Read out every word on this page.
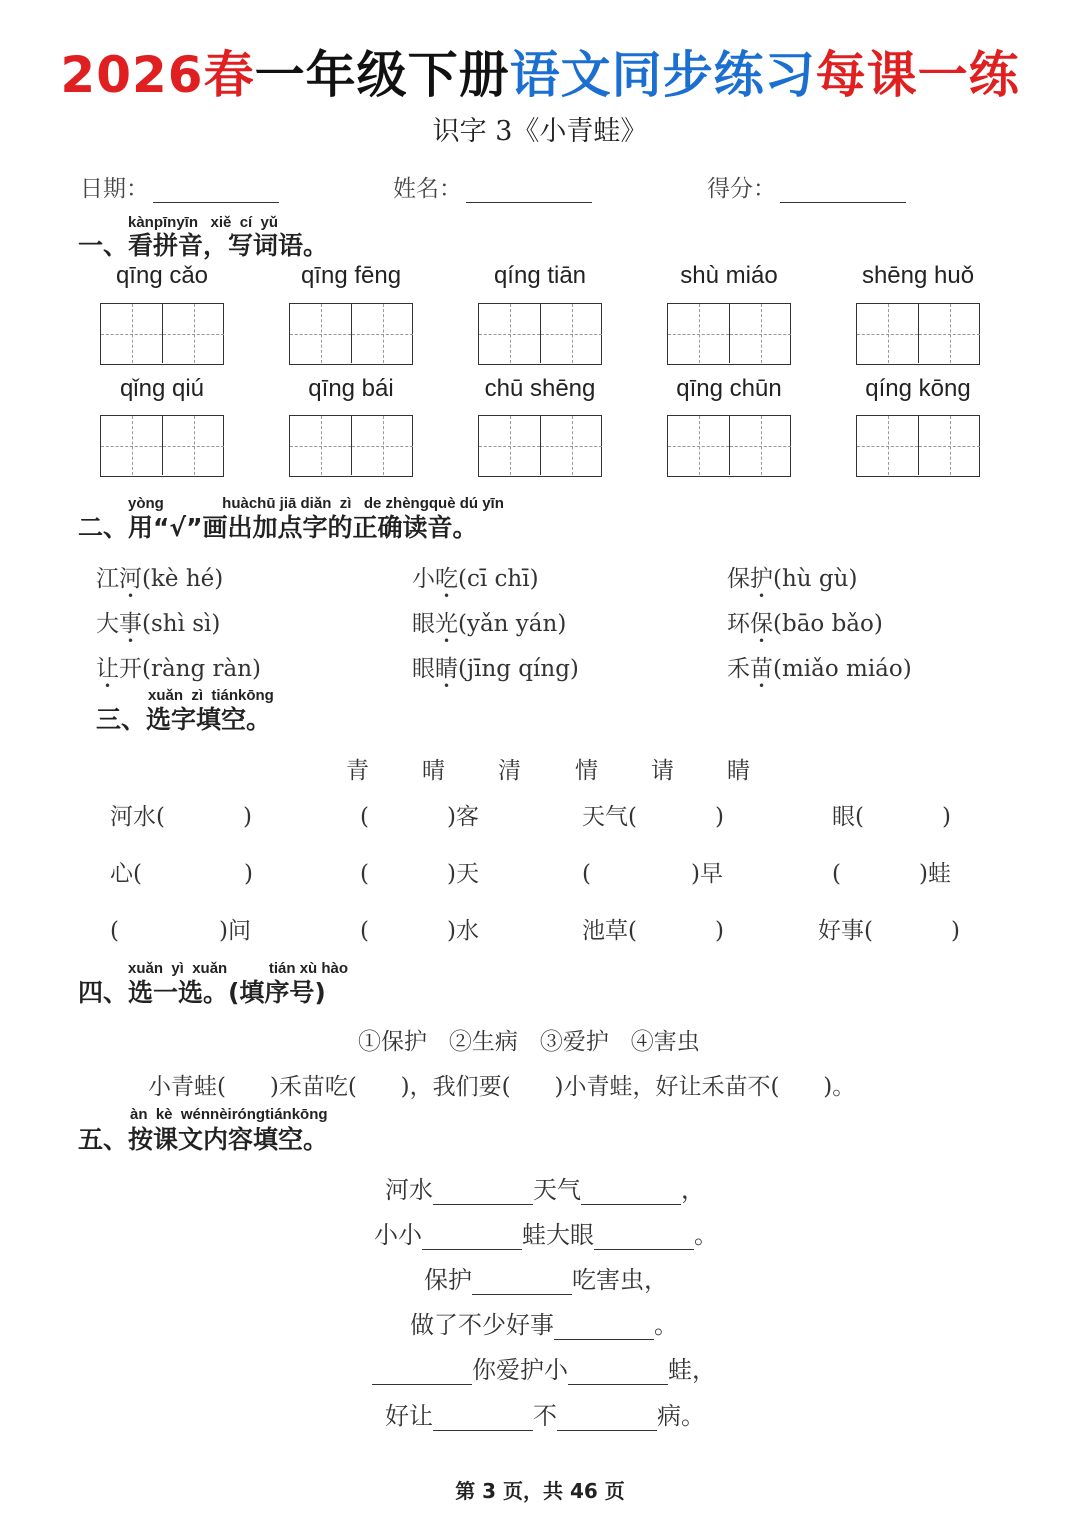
2026春一年级下册语文同步练习每课一练
识字 3《小青蛙》
日期：	姓名：	得分：
kànpīnyīn   xiě  cí  yǔ
一、看拼音，写词语。
qīng cǎo	qīng fēng	qíng tiān	shù miáo	shēng huǒ
qǐng qiú	qīng bái	chū shēng	qīng chūn	qíng kōng
yòng              huàchū jiā diǎn  zì   de zhèngquè dú yīn
二、用“√”画出加点字的正确读音。
江河(kè hé)	小吃(cī chī)	保护(hù gù)
大事(shì sì)	眼光(yǎn yán)	环保(bāo bǎo)
让开(ràng ràn)	眼睛(jīng qíng)	禾苗(miǎo miáo)
xuǎn  zì  tiánkōng
三、选字填空。
青 晴 清 情 请 睛
河水(	)	(	)客	天气(	)	眼(	)
心(	)	(	)天	(	)早	(	)蛙
(	)问	(	)水	池草(	)	好事(	)
xuǎn  yì  xuǎn          tián xù hào
四、选一选。(填序号)
①保护   ②生病   ③爱护   ④害虫
小青蛙(      )禾苗吃(      )，我们要(      )小青蛙，好让禾苗不(      )。
àn  kè  wénnèiróngtiánkōng
五、按课文内容填空。
河水	天气	，
小小	蛙大眼	。
保护	吃害虫，
做了不少好事	。
你爱护小	蛙，
好让	不	病。
第 3 页，共 46 页
